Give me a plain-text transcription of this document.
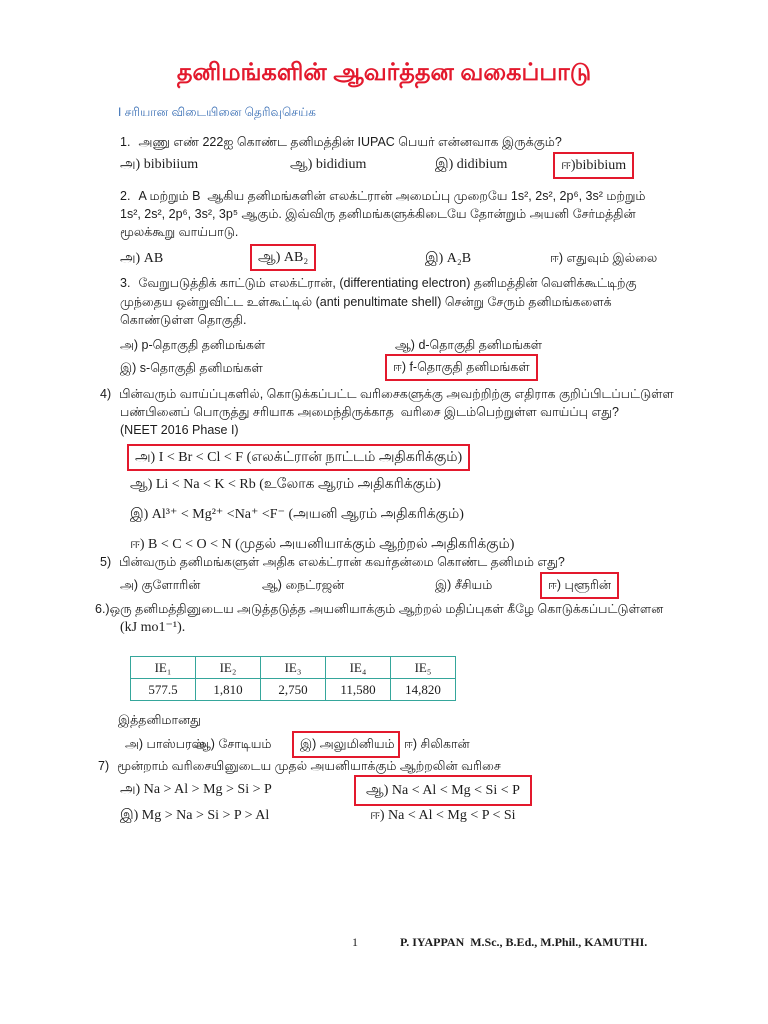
தனிமங்களின் ஆவர்த்தன வகைப்பாடு
I சரியான விடையினை தெரிவுசெய்க
1. அணு எண் 222ஐ கொண்ட தனிமத்தின் IUPAC பெயர் என்னவாக இருக்கும்?
அ) bibibiium	ஆ) bididium	இ) didibium	ஈ)bibibium
2. A மற்றும் B  ஆகிய தனிமங்களின் எலக்ட்ரான் அமைப்பு முறையே 1s², 2s², 2p⁶, 3s² மற்றும்
1s², 2s², 2p⁶, 3s², 3p⁵ ஆகும். இவ்விரு தனிமங்களுக்கிடையே தோன்றும் அயனி சேர்மத்தின்
மூலக்கூறு வாய்பாடு.
அ) AB	ஆ) AB₂	இ) A₂B	ஈ) எதுவும் இல்லை
3. வேறுபடுத்திக் காட்டும் எலக்ட்ரான், (differentiating electron) தனிமத்தின் வெளிக்கூட்டிற்கு
முந்தைய ஒன்றுவிட்ட உள்கூட்டில் (anti penultimate shell) சென்று சேரும் தனிமங்களைக்
கொண்டுள்ள தொகுதி.
அ) p-தொகுதி தனிமங்கள்	ஆ) d-தொகுதி தனிமங்கள்
இ) s-தொகுதி தனிமங்கள்	ஈ) f-தொகுதி தனிமங்கள்
4) பின்வரும் வாய்ப்புகளில், கொடுக்கப்பட்ட வரிசைகளுக்கு அவற்றிற்கு எதிராக குறிப்பிடப்பட்டுள்ள
பண்பினைப் பொருத்து சரியாக அமைந்திருக்காத  வரிசை இடம்பெற்றுள்ள வாய்ப்பு எது?
(NEET 2016 Phase I)
அ) I < Br < Cl < F (எலக்ட்ரான் நாட்டம் அதிகரிக்கும்)
ஆ) Li < Na < K < Rb (உலோக ஆரம் அதிகரிக்கும்)
இ) Al³⁺ < Mg²⁺ <Na⁺ <F⁻ (அயனி ஆரம் அதிகரிக்கும்)
ஈ) B < C < O < N (முதல் அயனியாக்கும் ஆற்றல் அதிகரிக்கும்)
5) பின்வரும் தனிமங்களுள் அதிக எலக்ட்ரான் கவர்தன்மை கொண்ட தனிமம் எது?
அ) குளோரின்	ஆ) நைட்ரஜன்	இ) சீசியம்	ஈ) புளூரின்
6.)ஒரு தனிமத்தினுடைய அடுத்தடுத்த அயனியாக்கும் ஆற்றல் மதிப்புகள் கீழே கொடுக்கப்பட்டுள்ளன
(kJ mo1⁻¹).
IE₁	IE₂	IE₃	IE₄	IE₅
577.5	1,810	2,750	11,580	14,820
இத்தனிமானது
அ) பாஸ்பரஸ்
ஆ) சோடியம்	இ) அலுமினியம் ஈ) சிலிகான்
7) மூன்றாம் வரிசையினுடைய முதல் அயனியாக்கும் ஆற்றலின் வரிசை
அ) Na > Al > Mg > Si > P	ஆ) Na < Al < Mg < Si < P
இ) Mg > Na > Si > P > Al	ஈ) Na < Al < Mg < P < Si
1	P. IYAPPAN  M.Sc., B.Ed., M.Phil., KAMUTHI.
